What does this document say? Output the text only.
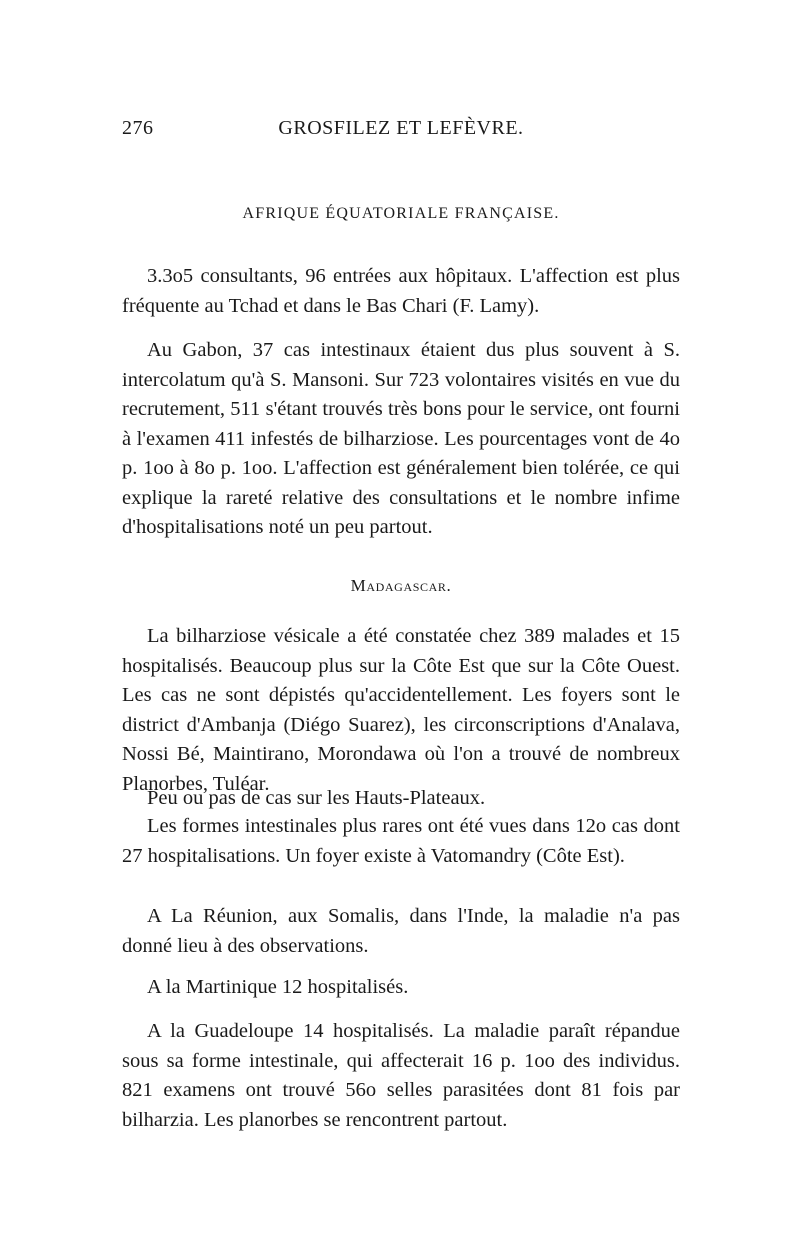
276	GROSFILEZ ET LEFÈVRE.
AFRIQUE ÉQUATORIALE FRANÇAISE.

3.3o5 consultants, 96 entrées aux hôpitaux. L'affection est plus fréquente au Tchad et dans le Bas Chari (F. Lamy).

Au Gabon, 37 cas intestinaux étaient dus plus souvent à S. intercolatum qu'à S. Mansoni. Sur 723 volontaires visités en vue du recrutement, 511 s'étant trouvés très bons pour le service, ont fourni à l'examen 411 infestés de bilharziose. Les pourcentages vont de 4o p. 1oo à 8o p. 1oo. L'affection est généralement bien tolérée, ce qui explique la rareté relative des consultations et le nombre infime d'hospitalisations noté un peu partout.

Madagascar.

La bilharziose vésicale a été constatée chez 389 malades et 15 hospitalisés. Beaucoup plus sur la Côte Est que sur la Côte Ouest. Les cas ne sont dépistés qu'accidentellement. Les foyers sont le district d'Ambanja (Diégo Suarez), les circonscriptions d'Analava, Nossi Bé, Maintirano, Morondawa où l'on a trouvé de nombreux Planorbes, Tuléar.

Peu ou pas de cas sur les Hauts-Plateaux.

Les formes intestinales plus rares ont été vues dans 12o cas dont 27 hospitalisations. Un foyer existe à Vatomandry (Côte Est).

A La Réunion, aux Somalis, dans l'Inde, la maladie n'a pas donné lieu à des observations.

A la Martinique 12 hospitalisés.

A la Guadeloupe 14 hospitalisés. La maladie paraît répandue sous sa forme intestinale, qui affecterait 16 p. 1oo des individus. 821 examens ont trouvé 56o selles parasitées dont 81 fois par bilharzia. Les planorbes se rencontrent partout.
